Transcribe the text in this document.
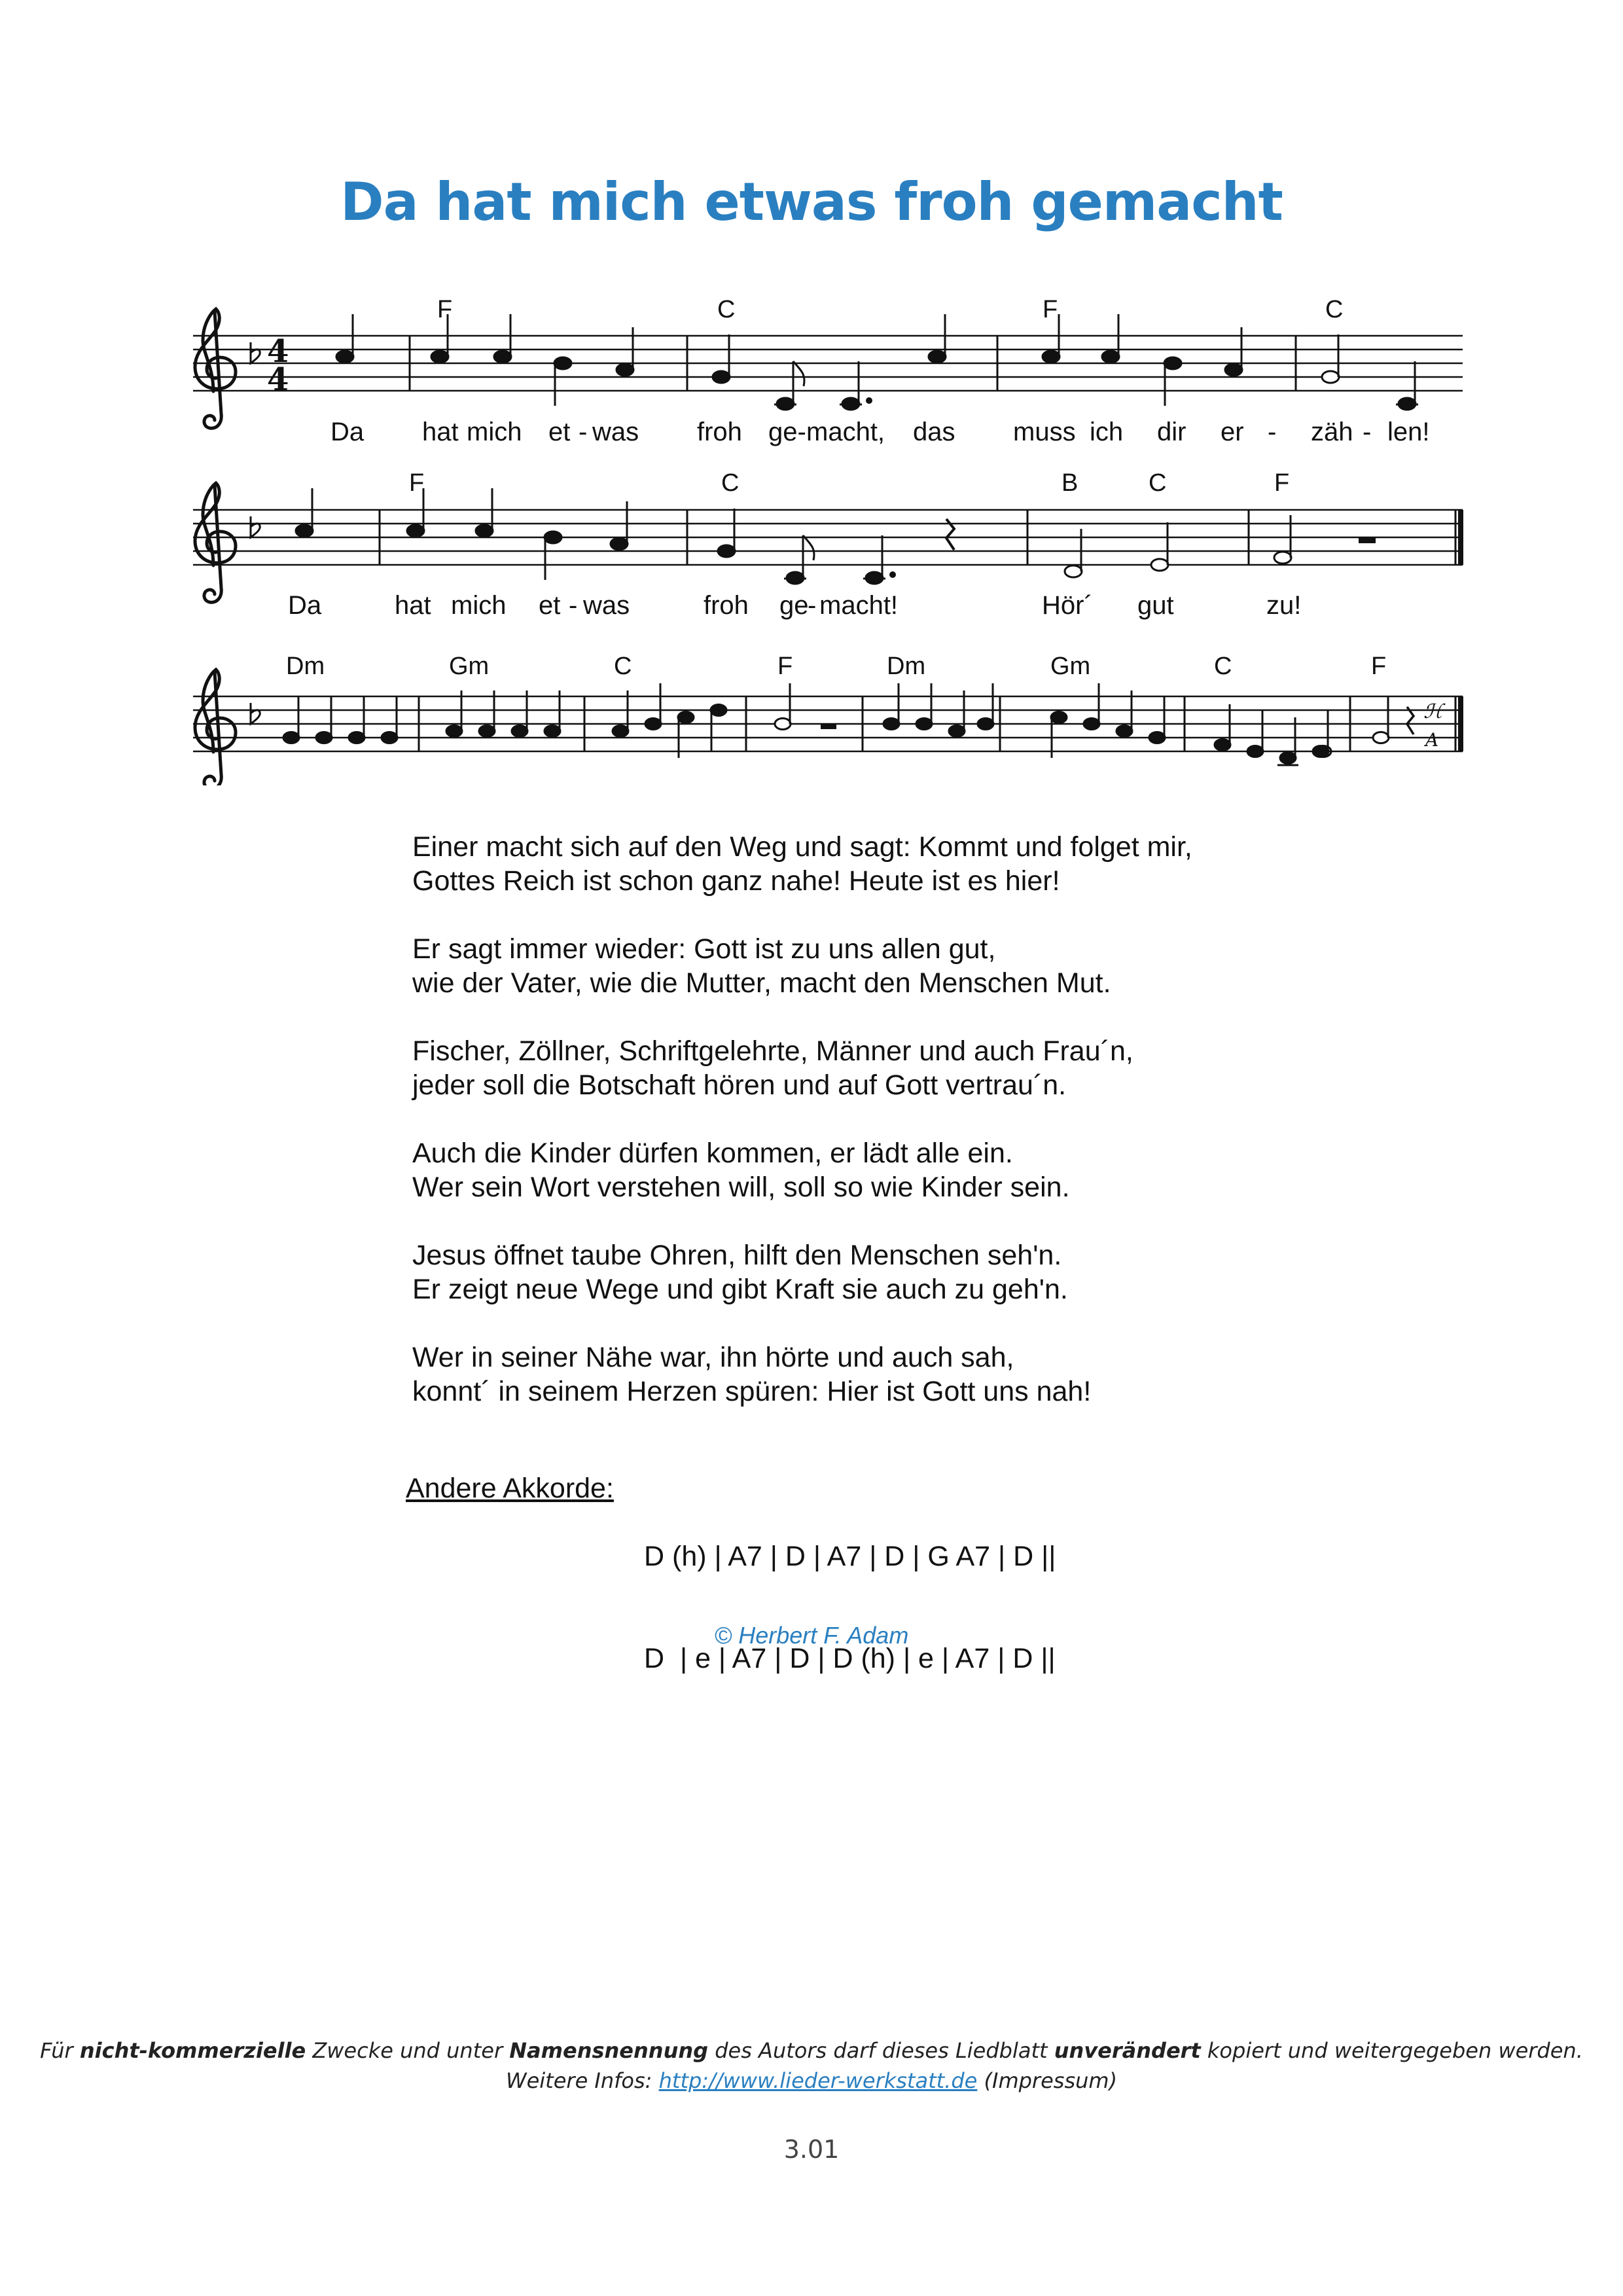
Da hat mich etwas froh gemacht
4
4
F	C	F	C
Da hat mich et - was froh ge- macht, das muss ich dir er - zäh - len!
F	C	B	C	F
Da	hat mich et - was	froh ge
- macht!	Hör´ gut	zu!
ℋ
A
Dm	Gm	C	F	Dm	Gm	C	F

Einer macht sich auf den Weg und sagt: Kommt und folget mir,

Gottes Reich ist schon ganz nahe! Heute ist es hier!

Er sagt immer wieder: Gott ist zu uns allen gut,

wie der Vater, wie die Mutter, macht den Menschen Mut.

Fischer, Zöllner, Schriftgelehrte, Männer und auch Frau´n,

jeder soll die Botschaft hören und auf Gott vertrau´n.

Auch die Kinder dürfen kommen, er lädt alle ein.

Wer sein Wort verstehen will, soll so wie Kinder sein.

Jesus öffnet taube Ohren, hilft den Menschen seh'n.

Er zeigt neue Wege und gibt Kraft sie auch zu geh'n.

Wer in seiner Nähe war, ihn hörte und auch sah,

konnt´ in seinem Herzen spüren: Hier ist Gott uns nah!

Andere Akkorde:

D (h) | A7 | D | A7 | D | G A7 | D ||

D  | e | A7 | D | D (h) | e | A7 | D ||

© Herbert F. Adam
Für nicht-kommerzielle Zwecke und unter Namensnennung des Autors darf dieses Liedblatt unverändert kopiert und weitergegeben werden.
Weitere Infos: http://www.lieder-werkstatt.de (Impressum)
3.01
